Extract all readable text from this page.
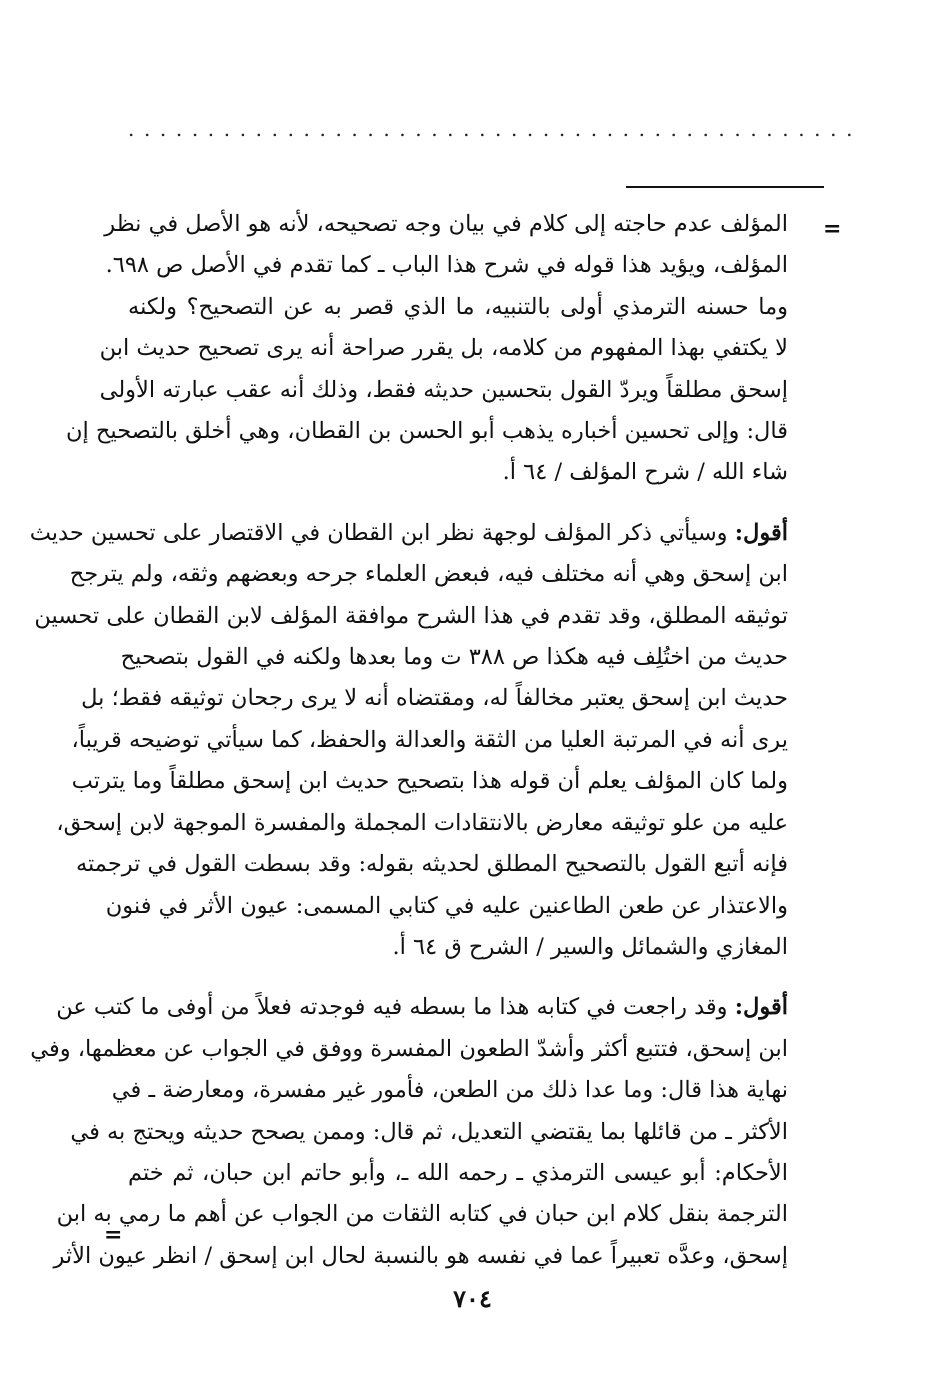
..............................................
=
المؤلف عدم حاجته إلى كلام في بيان وجه تصحيحه، لأنه هو الأصل في نظر
المؤلف، ويؤيد هذا قوله في شرح هذا الباب ـ كما تقدم في الأصل ص ٦٩٨.
وما حسنه الترمذي أولى بالتنبيه، ما الذي قصر به عن التصحيح؟ ولكنه
لا يكتفي بهذا المفهوم من كلامه، بل يقرر صراحة أنه يرى تصحيح حديث ابن
إسحق مطلقاً ويردّ القول بتحسين حديثه فقط، وذلك أنه عقب عبارته الأولى
قال: وإلى تحسين أخباره يذهب أبو الحسن بن القطان، وهي أخلق بالتصحيح إن
شاء الله / شرح المؤلف / ٦٤ أ.
أقول: وسيأتي ذكر المؤلف لوجهة نظر ابن القطان في الاقتصار على تحسين حديث
ابن إسحق وهي أنه مختلف فيه، فبعض العلماء جرحه وبعضهم وثقه، ولم يترجح
توثيقه المطلق، وقد تقدم في هذا الشرح موافقة المؤلف لابن القطان على تحسين
حديث من اختُلِف فيه هكذا ص ٣٨٨ ت وما بعدها ولكنه في القول بتصحيح
حديث ابن إسحق يعتبر مخالفاً له، ومقتضاه أنه لا يرى رجحان توثيقه فقط؛ بل
يرى أنه في المرتبة العليا من الثقة والعدالة والحفظ، كما سيأتي توضيحه قريباً،
ولما كان المؤلف يعلم أن قوله هذا بتصحيح حديث ابن إسحق مطلقاً وما يترتب
عليه من علو توثيقه معارض بالانتقادات المجملة والمفسرة الموجهة لابن إسحق،
فإنه أتبع القول بالتصحيح المطلق لحديثه بقوله: وقد بسطت القول في ترجمته
والاعتذار عن طعن الطاعنين عليه في كتابي المسمى: عيون الأثر في فنون
المغازي والشمائل والسير / الشرح ق ٦٤ أ.
أقول: وقد راجعت في كتابه هذا ما بسطه فيه فوجدته فعلاً من أوفى ما كتب عن
ابن إسحق، فتتبع أكثر وأشدّ الطعون المفسرة ووفق في الجواب عن معظمها، وفي
نهاية هذا قال: وما عدا ذلك من الطعن، فأمور غير مفسرة، ومعارضة ـ في
الأكثر ـ من قائلها بما يقتضي التعديل، ثم قال: وممن يصحح حديثه ويحتج به في
الأحكام: أبو عيسى الترمذي ـ رحمه الله ـ، وأبو حاتم ابن حبان، ثم ختم
الترجمة بنقل كلام ابن حبان في كتابه الثقات من الجواب عن أهم ما رمي به ابن
إسحق، وعدَّه تعبيراً عما في نفسه هو بالنسبة لحال ابن إسحق / انظر عيون الأثر
=
٧٠٤
